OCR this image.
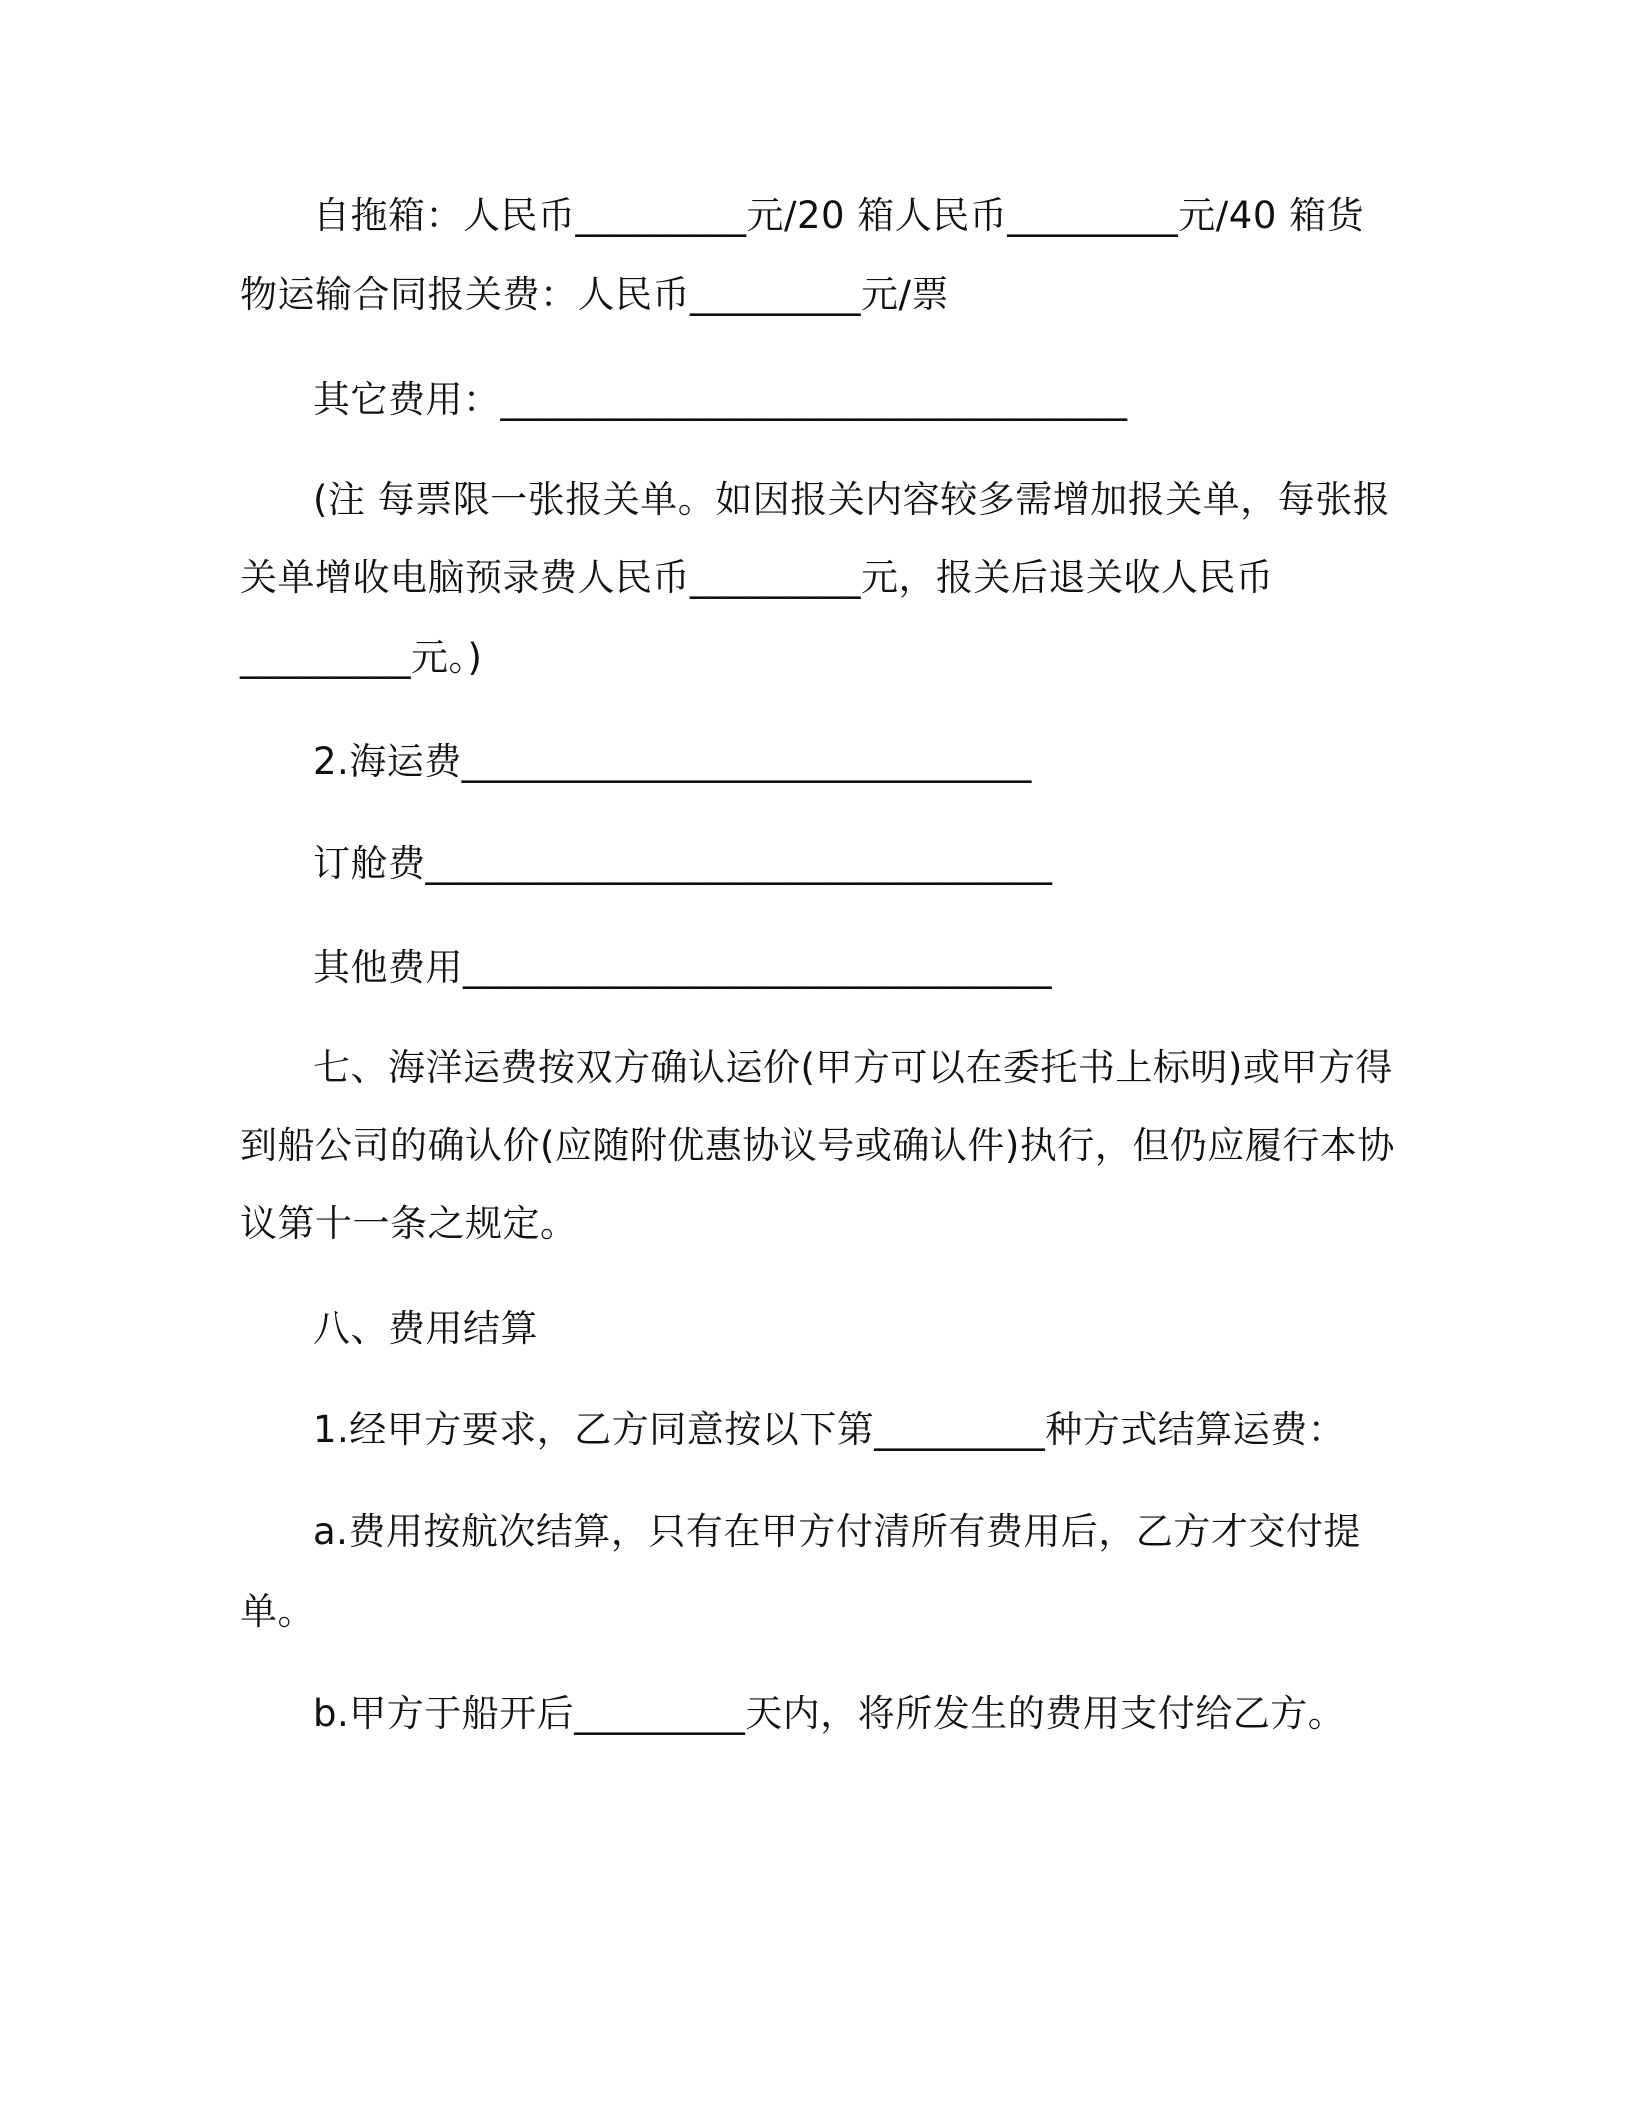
自拖箱：人民币_________元/20 箱人民币_________元/40 箱货
物运输合同报关费：人民币_________元/票
其它费用：_________________________________
(注 每票限一张报关单。如因报关内容较多需增加报关单，每张报
关单增收电脑预录费人民币_________元，报关后退关收人民币
_________元。)
2.海运费______________________________
订舱费_________________________________
其他费用_______________________________
七、海洋运费按双方确认运价(甲方可以在委托书上标明)或甲方得
到船公司的确认价(应随附优惠协议号或确认件)执行，但仍应履行本协
议第十一条之规定。
八、费用结算
1.经甲方要求，乙方同意按以下第_________种方式结算运费：
a.费用按航次结算，只有在甲方付清所有费用后，乙方才交付提
单。
b.甲方于船开后_________天内，将所发生的费用支付给乙方。
